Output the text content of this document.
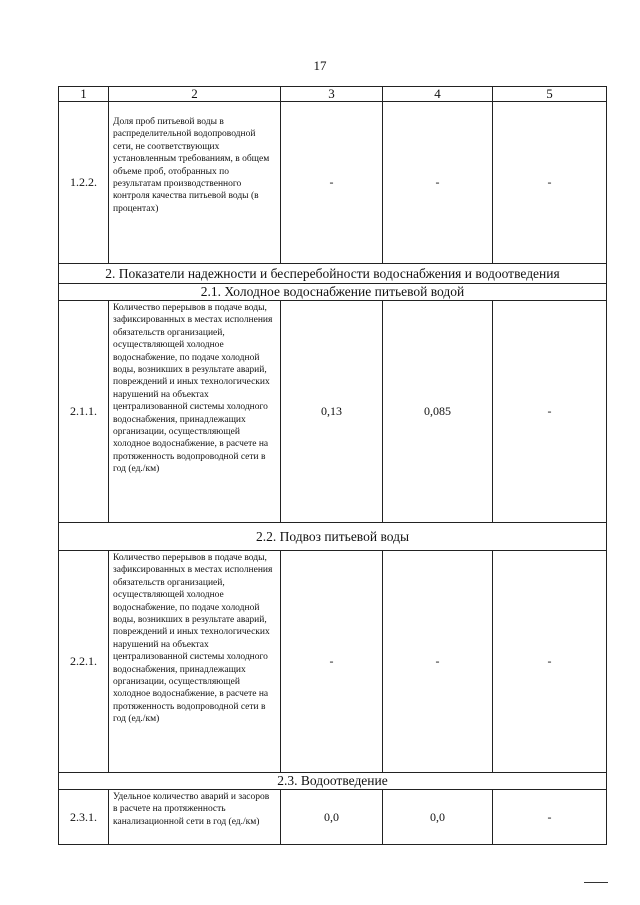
17
1	2	3	4	5
1.2.2.	Доля проб питьевой воды в распределительной водопроводной сети, не соответствующих установленным требованиям, в общем объеме проб, отобранных по результатам производственного контроля качества питьевой воды (в процентах)	-	-	-
2. Показатели надежности и бесперебойности водоснабжения и водоотведения				
2.1. Холодное водоснабжение питьевой водой				
2.1.1.	Количество перерывов в подаче воды, зафиксированных в местах исполнения обязательств организацией, осуществляющей холодное водоснабжение, по подаче холодной воды, возникших в результате аварий, повреждений и иных технологических нарушений на объектах централизованной системы холодного водоснабжения, принадлежащих организации, осуществляющей холодное водоснабжение, в расчете на протяженность водопроводной сети в год (ед./км)	0,13	0,085	-
2.2. Подвоз питьевой воды				
2.2.1.	Количество перерывов в подаче воды, зафиксированных в местах исполнения обязательств организацией, осуществляющей холодное водоснабжение, по подаче холодной воды, возникших в результате аварий, повреждений и иных технологических нарушений на объектах централизованной системы холодного водоснабжения, принадлежащих организации, осуществляющей холодное водоснабжение, в расчете на протяженность водопроводной сети в год (ед./км)	-	-	-
2.3. Водоотведение				
2.3.1.	Удельное количество аварий и засоров в расчете на протяженность канализационной сети в год (ед./км)	0,0	0,0	-
